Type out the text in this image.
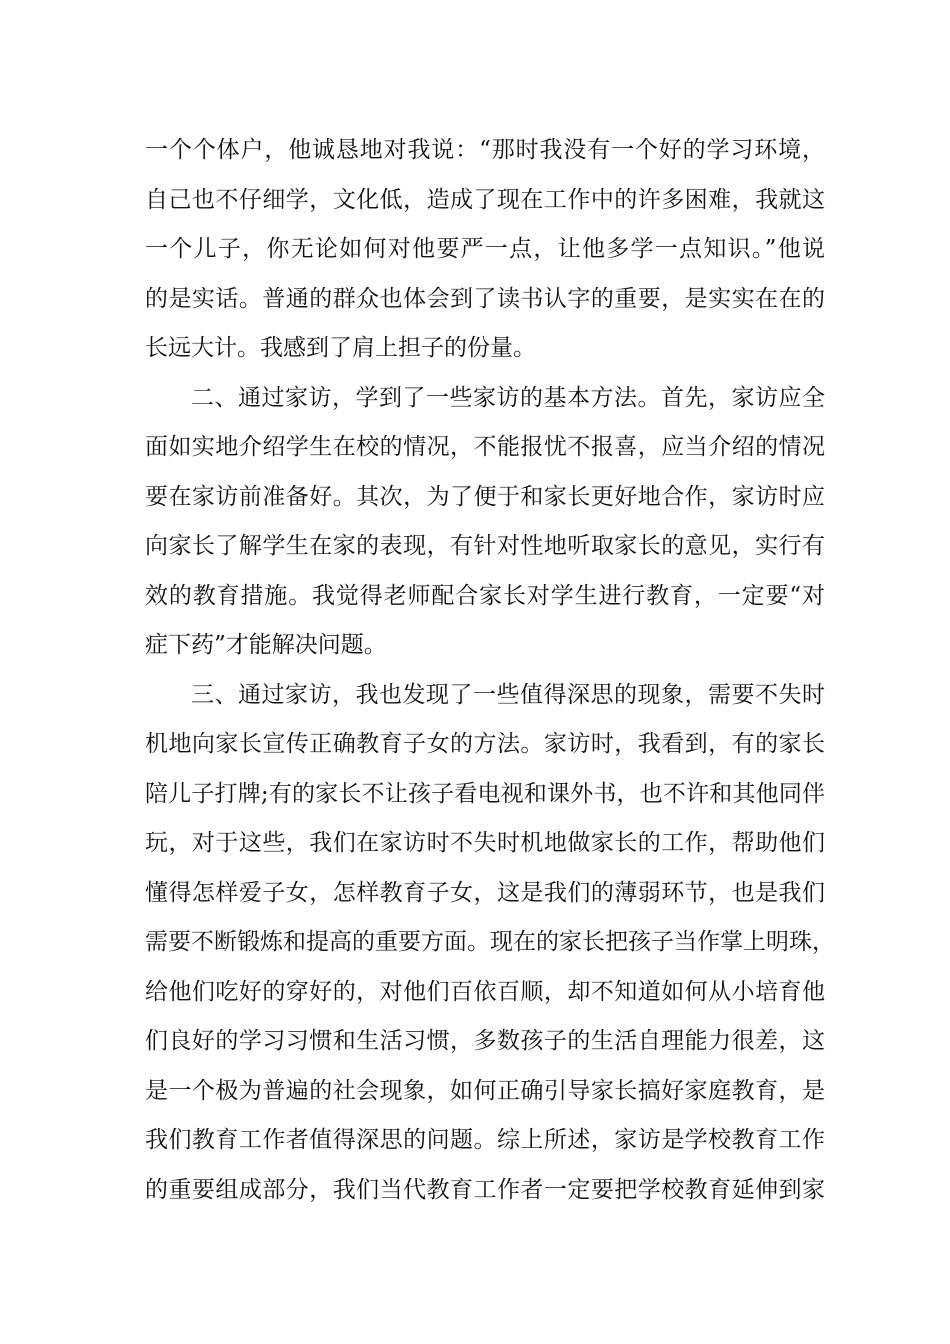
一个个体户，他诚恳地对我说：“那时我没有一个好的学习环境，
自己也不仔细学，文化低，造成了现在工作中的许多困难，我就这
一个儿子，你无论如何对他要严一点，让他多学一点知识。”他说
的是实话。普通的群众也体会到了读书认字的重要，是实实在在的
长远大计。我感到了肩上担子的份量。
二、通过家访，学到了一些家访的基本方法。首先，家访应全
面如实地介绍学生在校的情况，不能报忧不报喜，应当介绍的情况
要在家访前准备好。其次，为了便于和家长更好地合作，家访时应
向家长了解学生在家的表现，有针对性地听取家长的意见，实行有
效的教育措施。我觉得老师配合家长对学生进行教育，一定要“对
症下药”才能解决问题。
三、通过家访，我也发现了一些值得深思的现象，需要不失时
机地向家长宣传正确教育子女的方法。家访时，我看到，有的家长
陪儿子打牌;有的家长不让孩子看电视和课外书，也不许和其他同伴
玩，对于这些，我们在家访时不失时机地做家长的工作，帮助他们
懂得怎样爱子女，怎样教育子女，这是我们的薄弱环节，也是我们
需要不断锻炼和提高的重要方面。现在的家长把孩子当作掌上明珠，
给他们吃好的穿好的，对他们百依百顺，却不知道如何从小培育他
们良好的学习习惯和生活习惯，多数孩子的生活自理能力很差，这
是一个极为普遍的社会现象，如何正确引导家长搞好家庭教育，是
我们教育工作者值得深思的问题。综上所述，家访是学校教育工作
的重要组成部分，我们当代教育工作者一定要把学校教育延伸到家
